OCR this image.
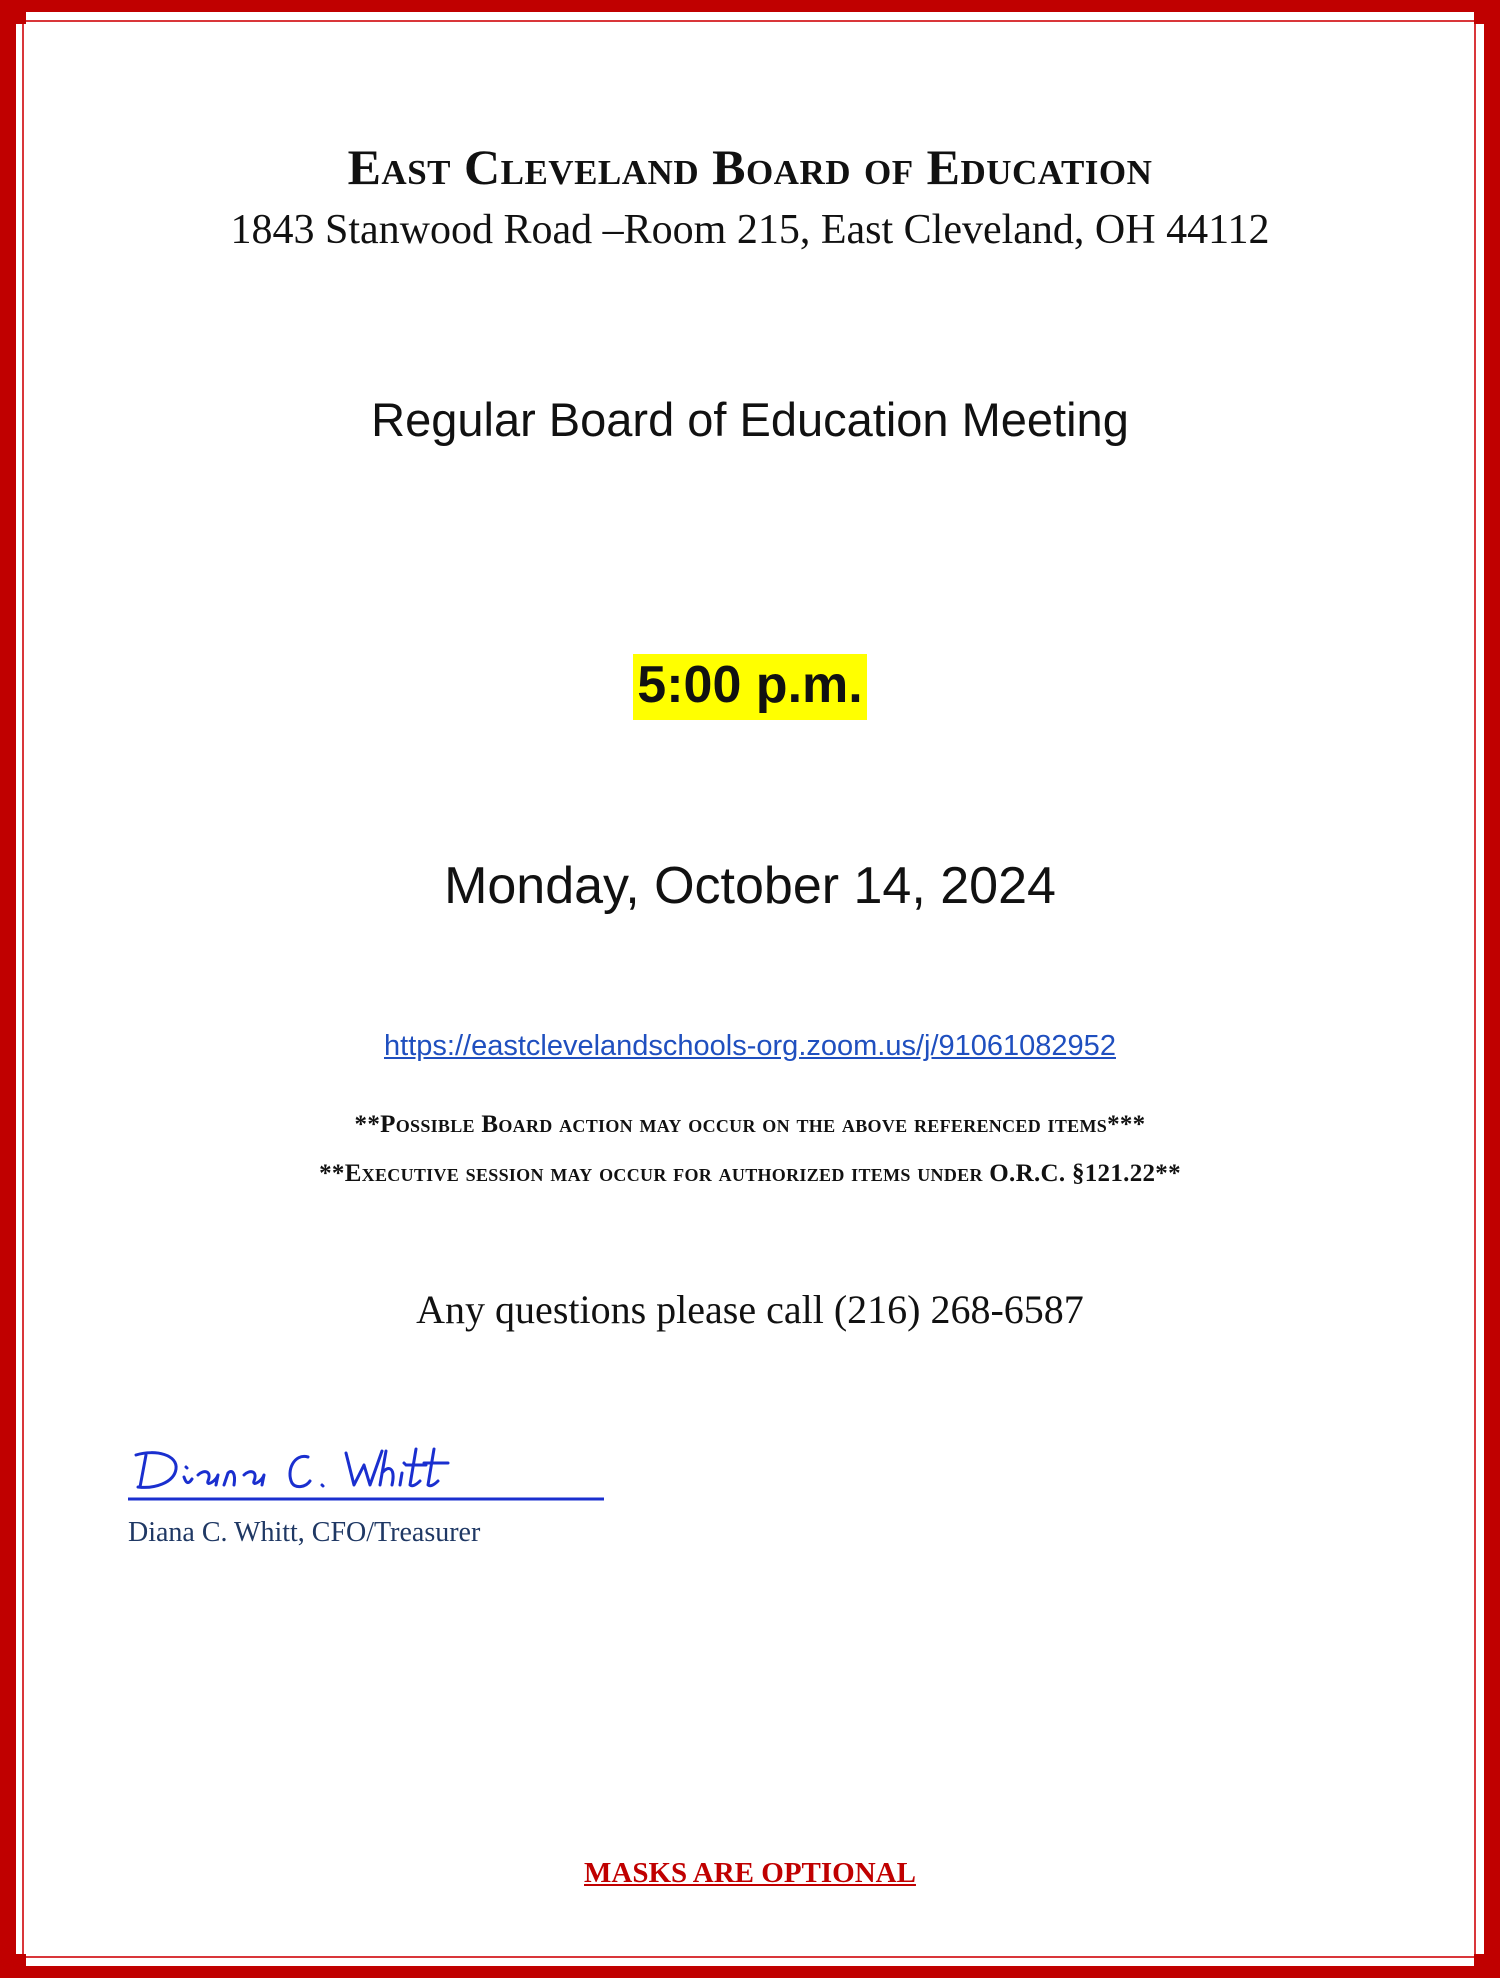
East Cleveland Board of Education
1843 Stanwood Road –Room 215, East Cleveland, OH 44112
Regular Board of Education Meeting
5:00 p.m.
Monday, October 14, 2024
https://eastclevelandschools-org.zoom.us/j/91061082952
**Possible Board action may occur on the above referenced items***
**Executive session may occur for authorized items under O.R.C. §121.22**
Any questions please call (216) 268-6587
Diana C. Whitt, CFO/Treasurer
MASKS ARE OPTIONAL
